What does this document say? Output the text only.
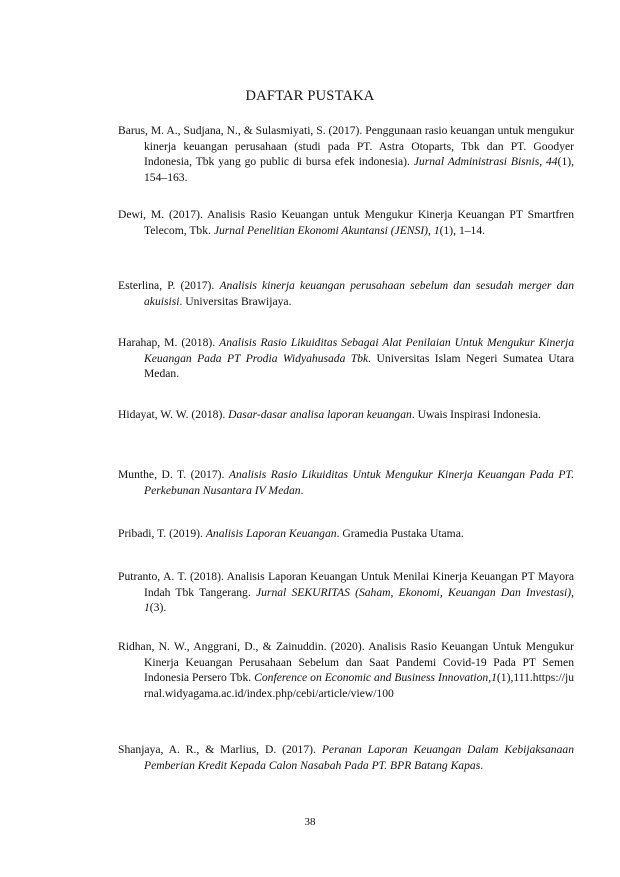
DAFTAR PUSTAKA

Barus, M. A., Sudjana, N., & Sulasmiyati, S. (2017). Penggunaan rasio keuangan untuk mengukur kinerja keuangan perusahaan (studi pada PT. Astra Otoparts, Tbk dan PT. Goodyer Indonesia, Tbk yang go public di bursa efek indonesia). Jurnal Administrasi Bisnis, 44(1), 154–163.

Dewi, M. (2017). Analisis Rasio Keuangan untuk Mengukur Kinerja Keuangan PT Smartfren Telecom, Tbk. Jurnal Penelitian Ekonomi Akuntansi (JENSI), 1(1), 1–14.

Esterlina, P. (2017). Analisis kinerja keuangan perusahaan sebelum dan sesudah merger dan akuisisi. Universitas Brawijaya.

Harahap, M. (2018). Analisis Rasio Likuiditas Sebagai Alat Penilaian Untuk Mengukur Kinerja Keuangan Pada PT Prodia Widyahusada Tbk. Universitas Islam Negeri Sumatea Utara Medan.

Hidayat, W. W. (2018). Dasar-dasar analisa laporan keuangan. Uwais Inspirasi Indonesia.

Munthe, D. T. (2017). Analisis Rasio Likuiditas Untuk Mengukur Kinerja Keuangan Pada PT. Perkebunan Nusantara IV Medan.

Pribadi, T. (2019). Analisis Laporan Keuangan. Gramedia Pustaka Utama.

Putranto, A. T. (2018). Analisis Laporan Keuangan Untuk Menilai Kinerja Keuangan PT Mayora Indah Tbk Tangerang. Jurnal SEKURITAS (Saham, Ekonomi, Keuangan Dan Investasi), 1(3).

Ridhan, N. W., Anggrani, D., & Zainuddin. (2020). Analisis Rasio Keuangan Untuk Mengukur Kinerja Keuangan Perusahaan Sebelum dan Saat Pandemi Covid-19 Pada PT Semen Indonesia Persero Tbk. Conference on Economic and Business Innovation,1(1),111.https://jurnal.widyagama.ac.id/index.php/cebi/article/view/100

Shanjaya, A. R., & Marlius, D. (2017). Peranan Laporan Keuangan Dalam Kebijaksanaan Pemberian Kredit Kepada Calon Nasabah Pada PT. BPR Batang Kapas.

38
